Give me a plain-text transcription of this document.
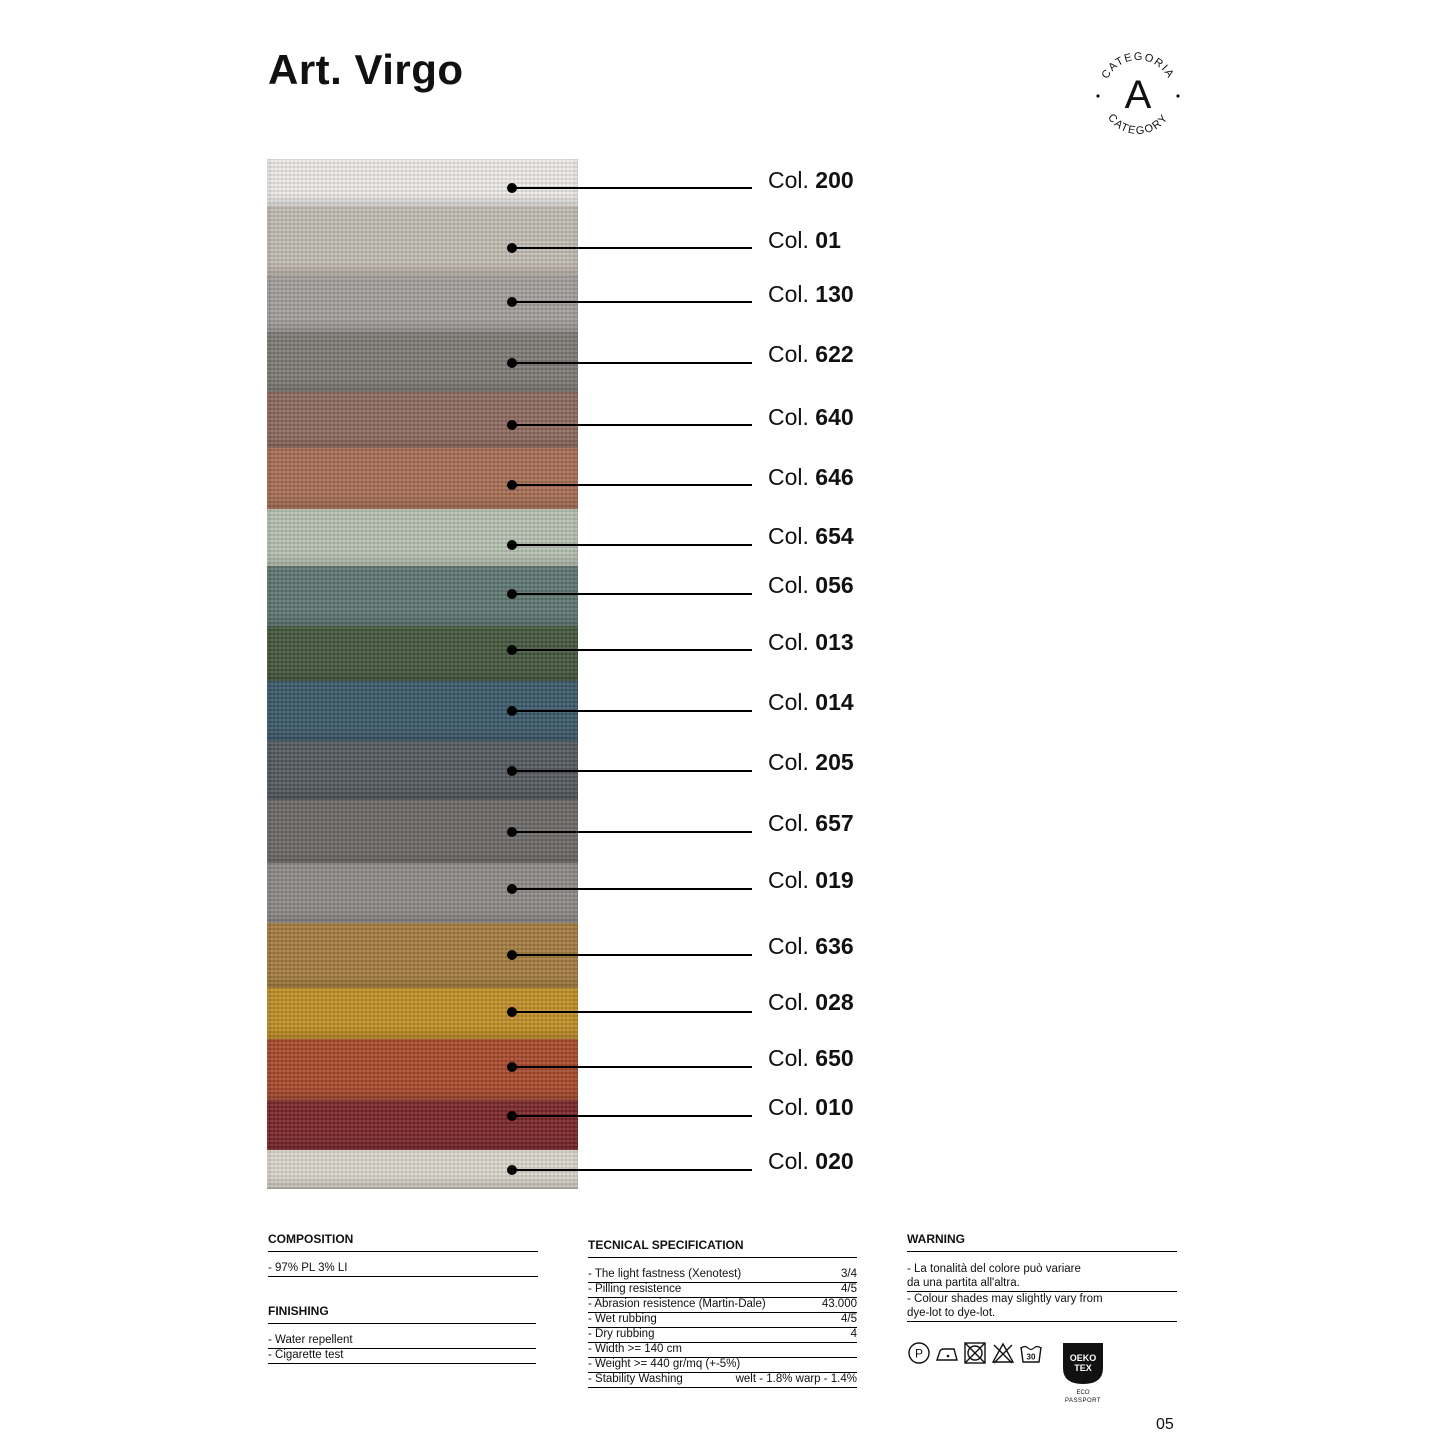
Art. Virgo	CATEGORIA
CATEGORY
A
Col. 200
Col. 01
Col. 130
Col. 622
Col. 640
Col. 646
Col. 654
Col. 056
Col. 013
Col. 014
Col. 205
Col. 657
Col. 019
Col. 636
Col. 028
Col. 650
Col. 010
Col. 020
COMPOSITION
- 97% PL 3% LI
FINISHING
- Water repellent
- Cigarette test
TECNICAL SPECIFICATION
- The light fastness (Xenotest)	3/4
- Pilling resistence	4/5
- Abrasion resistence (Martin-Dale)	43.000
- Wet rubbing	4/5
- Dry rubbing	4
- Width >= 140 cm
- Weight >= 440 gr/mq (+-5%)
- Stability Washing	welt - 1.8% warp - 1.4%
WARNING
- La tonalità del colore può variare
da una partita all'altra.
- Colour shades may slightly vary from
dye-lot to dye-lot.
P	30	OEKO
TEX
ECO
PASSPORT
05
